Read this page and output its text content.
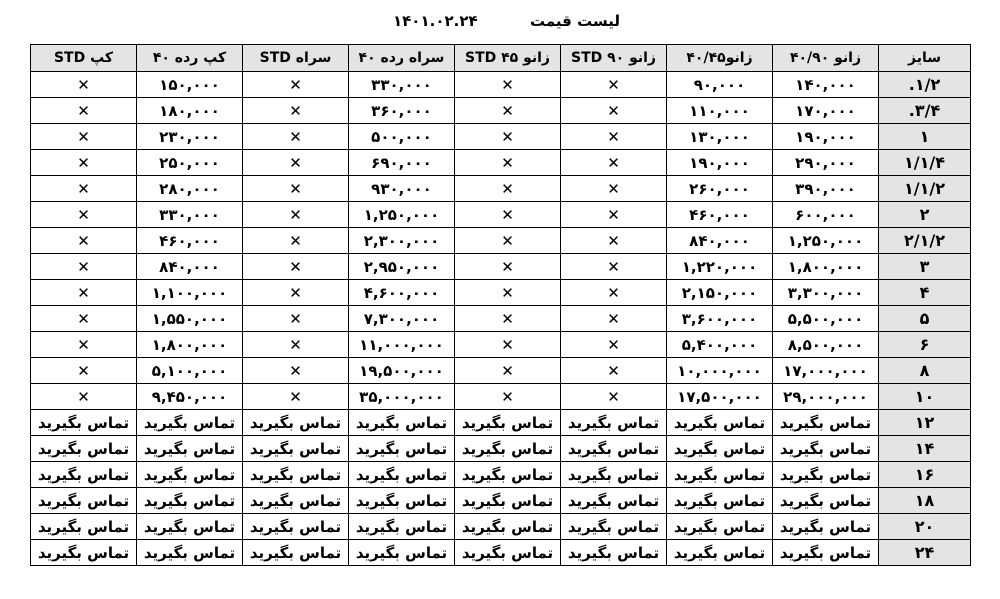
لیست قیمت
۱۴۰۱.۰۲.۲۴
سایز	زانو ۴۰/۹۰	زانو۴۰/۴۵	زانو ۹۰ STD	زانو ۴۵ STD	سراه رده ۴۰	سراه STD	کپ رده ۴۰	کپ STD
۱/۲.	۱۴۰,۰۰۰	۹۰,۰۰۰	✕	✕	۳۳۰,۰۰۰	✕	۱۵۰,۰۰۰	✕
۳/۴.	۱۷۰,۰۰۰	۱۱۰,۰۰۰	✕	✕	۳۶۰,۰۰۰	✕	۱۸۰,۰۰۰	✕
۱	۱۹۰,۰۰۰	۱۳۰,۰۰۰	✕	✕	۵۰۰,۰۰۰	✕	۲۳۰,۰۰۰	✕
۱/۱/۴	۲۹۰,۰۰۰	۱۹۰,۰۰۰	✕	✕	۶۹۰,۰۰۰	✕	۲۵۰,۰۰۰	✕
۱/۱/۲	۳۹۰,۰۰۰	۲۶۰,۰۰۰	✕	✕	۹۳۰,۰۰۰	✕	۲۸۰,۰۰۰	✕
۲	۶۰۰,۰۰۰	۴۶۰,۰۰۰	✕	✕	۱,۲۵۰,۰۰۰	✕	۳۳۰,۰۰۰	✕
۲/۱/۲	۱,۲۵۰,۰۰۰	۸۴۰,۰۰۰	✕	✕	۲,۳۰۰,۰۰۰	✕	۴۶۰,۰۰۰	✕
۳	۱,۸۰۰,۰۰۰	۱,۲۲۰,۰۰۰	✕	✕	۲,۹۵۰,۰۰۰	✕	۸۴۰,۰۰۰	✕
۴	۳,۳۰۰,۰۰۰	۲,۱۵۰,۰۰۰	✕	✕	۴,۶۰۰,۰۰۰	✕	۱,۱۰۰,۰۰۰	✕
۵	۵,۵۰۰,۰۰۰	۳,۶۰۰,۰۰۰	✕	✕	۷,۳۰۰,۰۰۰	✕	۱,۵۵۰,۰۰۰	✕
۶	۸,۵۰۰,۰۰۰	۵,۴۰۰,۰۰۰	✕	✕	۱۱,۰۰۰,۰۰۰	✕	۱,۸۰۰,۰۰۰	✕
۸	۱۷,۰۰۰,۰۰۰	۱۰,۰۰۰,۰۰۰	✕	✕	۱۹,۵۰۰,۰۰۰	✕	۵,۱۰۰,۰۰۰	✕
۱۰	۲۹,۰۰۰,۰۰۰	۱۷,۵۰۰,۰۰۰	✕	✕	۳۵,۰۰۰,۰۰۰	✕	۹,۴۵۰,۰۰۰	✕
۱۲	تماس بگیرید	تماس بگیرید	تماس بگیرید	تماس بگیرید	تماس بگیرید	تماس بگیرید	تماس بگیرید	تماس بگیرید
۱۴	تماس بگیرید	تماس بگیرید	تماس بگیرید	تماس بگیرید	تماس بگیرید	تماس بگیرید	تماس بگیرید	تماس بگیرید
۱۶	تماس بگیرید	تماس بگیرید	تماس بگیرید	تماس بگیرید	تماس بگیرید	تماس بگیرید	تماس بگیرید	تماس بگیرید
۱۸	تماس بگیرید	تماس بگیرید	تماس بگیرید	تماس بگیرید	تماس بگیرید	تماس بگیرید	تماس بگیرید	تماس بگیرید
۲۰	تماس بگیرید	تماس بگیرید	تماس بگیرید	تماس بگیرید	تماس بگیرید	تماس بگیرید	تماس بگیرید	تماس بگیرید
۲۴	تماس بگیرید	تماس بگیرید	تماس بگیرید	تماس بگیرید	تماس بگیرید	تماس بگیرید	تماس بگیرید	تماس بگیرید
